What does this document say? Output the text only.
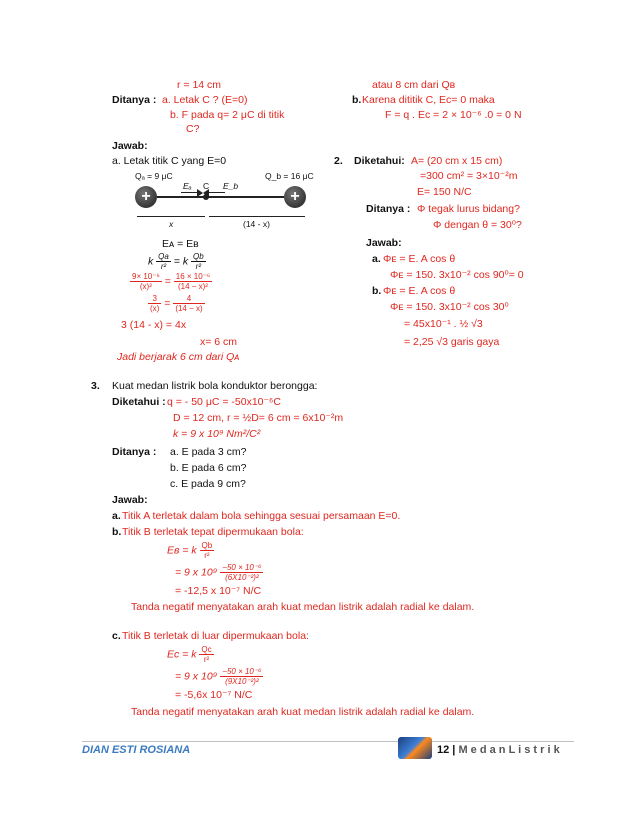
r = 14 cm
Ditanya : a. Letak C ? (E=0)
b. F pada q= 2 μC di titik
C?
Jawab:
a. Letak titik C yang E=0
Qₐ = 9 μC	Q_b = 16 μC
+	+
Eₐ C E_b
x	(14 - x)
Eᴀ = Eʙ
k $\frac{Qa}{\text{r²}} = k \frac{Qb}{\text{r²}}$
$\frac{\text{9× 10⁻⁶}}{\text{(x)²}} = \frac{\text{16 × 10⁻⁶}}{\text{(14 − x)²}}$
$\frac{3}{(x)} = \frac{4}{(14 - x)}$
3 (14 - x) = 4x
x= 6 cm
Jadi berjarak 6 cm dari Qᴀ
atau 8 cm dari Qʙ
b. Karena dititik C, Ec= 0 maka
F = q . Ec = 2 × 10⁻⁶ .0 = 0 N
2. Diketahui: A= (20 cm x 15 cm)
=300 cm² = 3×10⁻²m
E= 150 N/C
Ditanya : Φ tegak lurus bidang?
Φ dengan θ = 30⁰?
Jawab:
a. Φᴇ = E. A cos θ
Φᴇ = 150. 3x10⁻² cos 90⁰= 0
b. Φᴇ = E. A cos θ
Φᴇ = 150. 3x10⁻² cos 30⁰
= 45x10⁻¹ . ½ √3
= 2,25 √3 garis gaya
3. Kuat medan listrik bola konduktor berongga:
Diketahui : q = - 50 μC = -50x10⁻⁶C
D = 12 cm, r = ½D= 6 cm = 6x10⁻²m
k = 9 x 10⁹ Nm²/C²
Ditanya : a. E pada 3 cm?
b. E pada 6 cm?
c. E pada 9 cm?
Jawab:
a. Titik A terletak dalam bola sehingga sesuai persamaan E=0.
b. Titik B terletak tepat dipermukaan bola:
Eʙ = k $\frac{Qb}{\text{r²}}$
= 9 x $10^9 \frac{\text{−50 × 10⁻⁶}}{\text{(6X10⁻²)²}}$
= -12,5 x 10⁻⁷ N/C
Tanda negatif menyatakan arah kuat medan listrik adalah radial ke dalam.
c. Titik B terletak di luar dipermukaan bola:
Ec = k $\frac{Qc}{\text{r²}}$
= 9 x $10^9 \frac{\text{−50 × 10⁻⁶}}{\text{(9X10⁻²)²}}$
= -5,6x 10⁻⁷ N/C
Tanda negatif menyatakan arah kuat medan listrik adalah radial ke dalam.
DIAN ESTI ROSIANA	12 | M e d a n L i s t r i k
